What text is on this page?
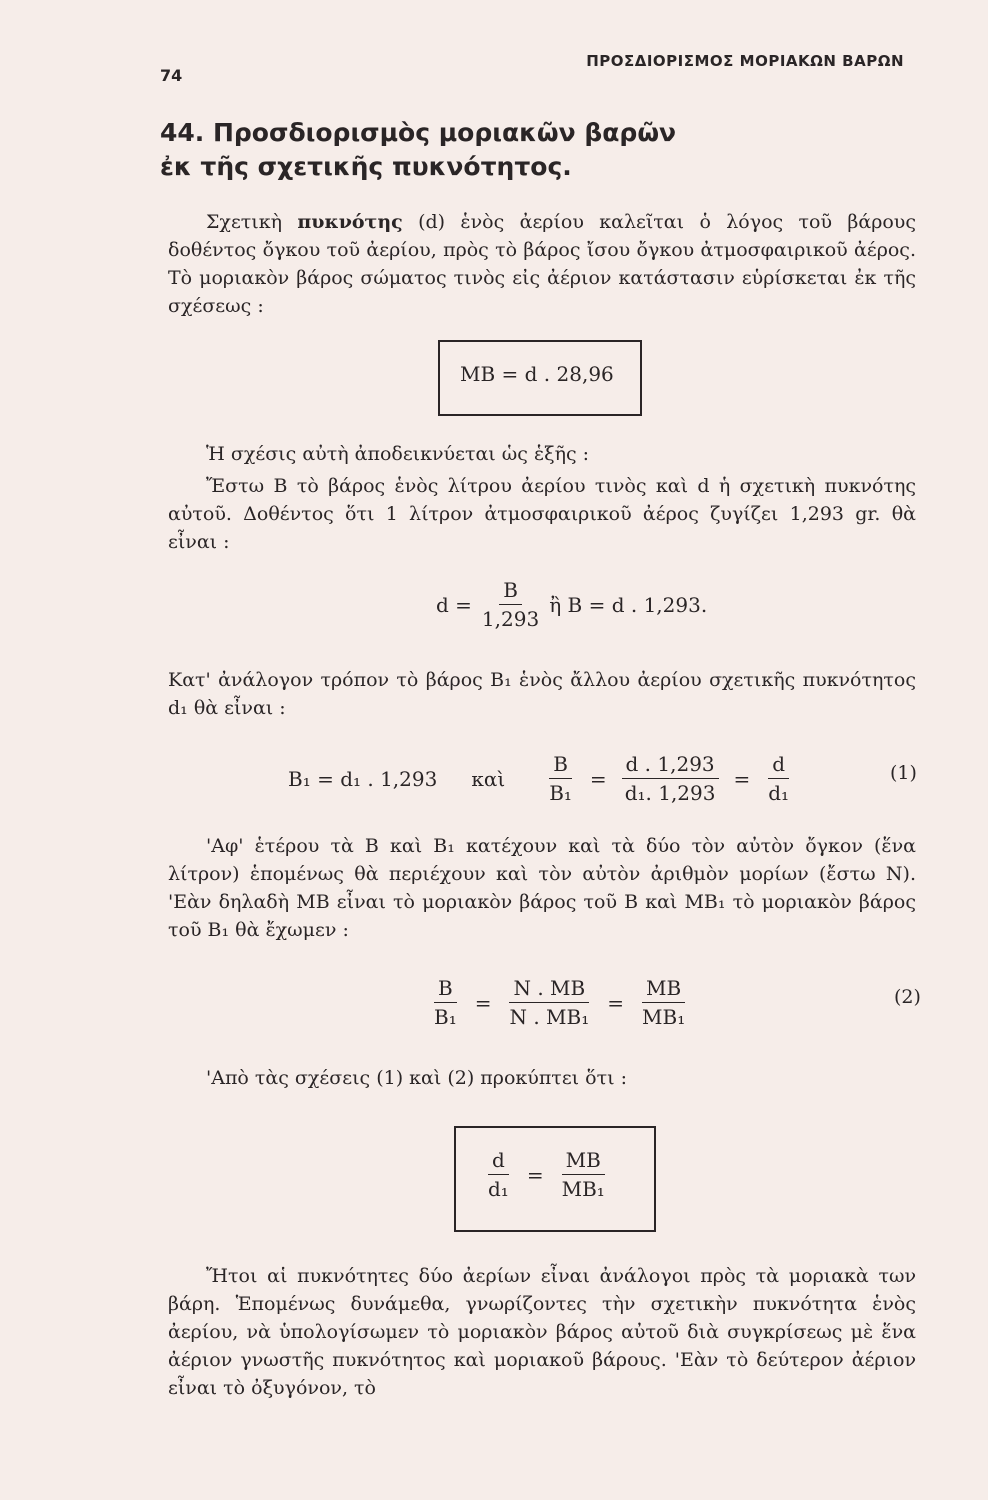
74
ΠΡΟΣΔΙΟΡΙΣΜΟΣ ΜΟΡΙΑΚΩΝ ΒΑΡΩΝ
44. Προσδιορισμὸς μοριακῶν βαρῶν ἐκ τῆς σχετικῆς πυκνότητος.
Σχετικὴ πυκνότης (d) ἑνὸς ἀερίου καλεῖται ὁ λόγος τοῦ βάρους δοθέντος ὄγκου τοῦ ἀερίου, πρὸς τὸ βάρος ἴσου ὄγκου ἀτμοσφαιρικοῦ ἀέρος. Τὸ μοριακὸν βάρος σώματος τινὸς εἰς ἀέριον κατάστασιν εὑρίσκεται ἐκ τῆς σχέσεως :
MB = d . 28,96
Ἡ σχέσις αὐτὴ ἀποδεικνύεται ὡς ἑξῆς :
Ἔστω Β τὸ βάρος ἑνὸς λίτρου ἀερίου τινὸς καὶ d ἡ σχετικὴ πυκνότης αὐτοῦ. Δοθέντος ὅτι 1 λίτρον ἀτμοσφαιρικοῦ ἀέρος ζυγίζει 1,293 gr. θὰ εἶναι :
$d = \frac{B}{1,293}$ ἢ B = d . 1,293.
Κατ' ἀνάλογον τρόπον τὸ βάρος Β₁ ἑνὸς ἄλλου ἀερίου σχετικῆς πυκνότητος d₁ θὰ εἶναι :
B₁ = d₁ . 1,293 καὶ $\frac{B}{\text{B₁}} = \frac{d . 1,293}{\text{d₁. 1,293}} = \frac{d}{\text{d₁}}$	(1)
'Αφ' ἑτέρου τὰ Β καὶ Β₁ κατέχουν καὶ τὰ δύο τὸν αὐτὸν ὄγκον (ἕνα λίτρον) ἑπομένως θὰ περιέχουν καὶ τὸν αὐτὸν ἀριθμὸν μορίων (ἔστω Ν). 'Εὰν δηλαδὴ ΜΒ εἶναι τὸ μοριακὸν βάρος τοῦ Β καὶ ΜΒ₁ τὸ μοριακὸν βάρος τοῦ Β₁ θὰ ἔχωμεν :
$\frac{B}{\text{B₁}} = \frac{N . MB}{\text{N . MB₁}} = \frac{MB}{\text{MB₁}}$	(2)
'Απὸ τὰς σχέσεις (1) καὶ (2) προκύπτει ὅτι :
$\frac{d}{\text{d₁}} = \frac{MB}{\text{MB₁}}$
Ἤτοι αἱ πυκνότητες δύο ἀερίων εἶναι ἀνάλογοι πρὸς τὰ μοριακὰ των βάρη. Ἑπομένως δυνάμεθα, γνωρίζοντες τὴν σχετικὴν πυκνότητα ἑνὸς ἀερίου, νὰ ὑπολογίσωμεν τὸ μοριακὸν βάρος αὐτοῦ διὰ συγκρίσεως μὲ ἕνα ἀέριον γνωστῆς πυκνότητος καὶ μοριακοῦ βάρους. 'Εὰν τὸ δεύτερον ἀέριον εἶναι τὸ ὀξυγόνον, τὸ
